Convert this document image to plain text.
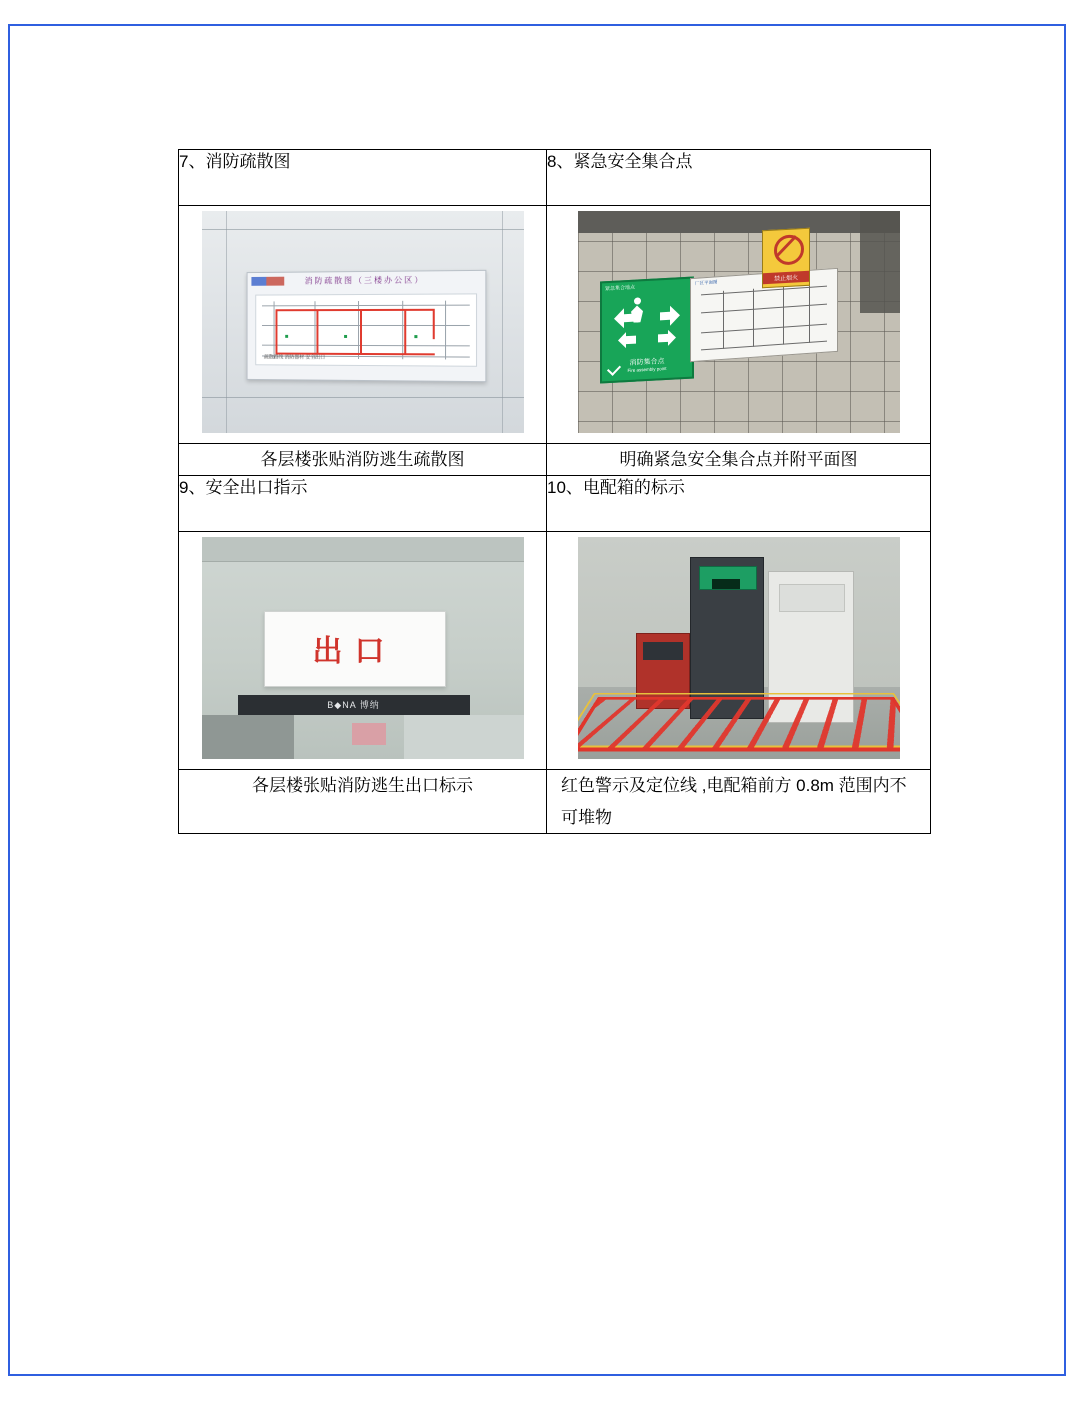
7、消防疏散图	8、紧急安全集合点

消防疏散图（三楼办公区）
疏散路线 消防器材 安全出口

紧急集合地点
消防集合点
Fire assembly point
厂区平面图	禁止烟火

各层楼张贴消防逃生疏散图	明确紧急安全集合点并附平面图
9、安全出口指示	10、电配箱的标示

出口
B◆NA 博纳	

各层楼张贴消防逃生出口标示	红色警示及定位线 ,电配箱前方 0.8m 范围内不可堆物
